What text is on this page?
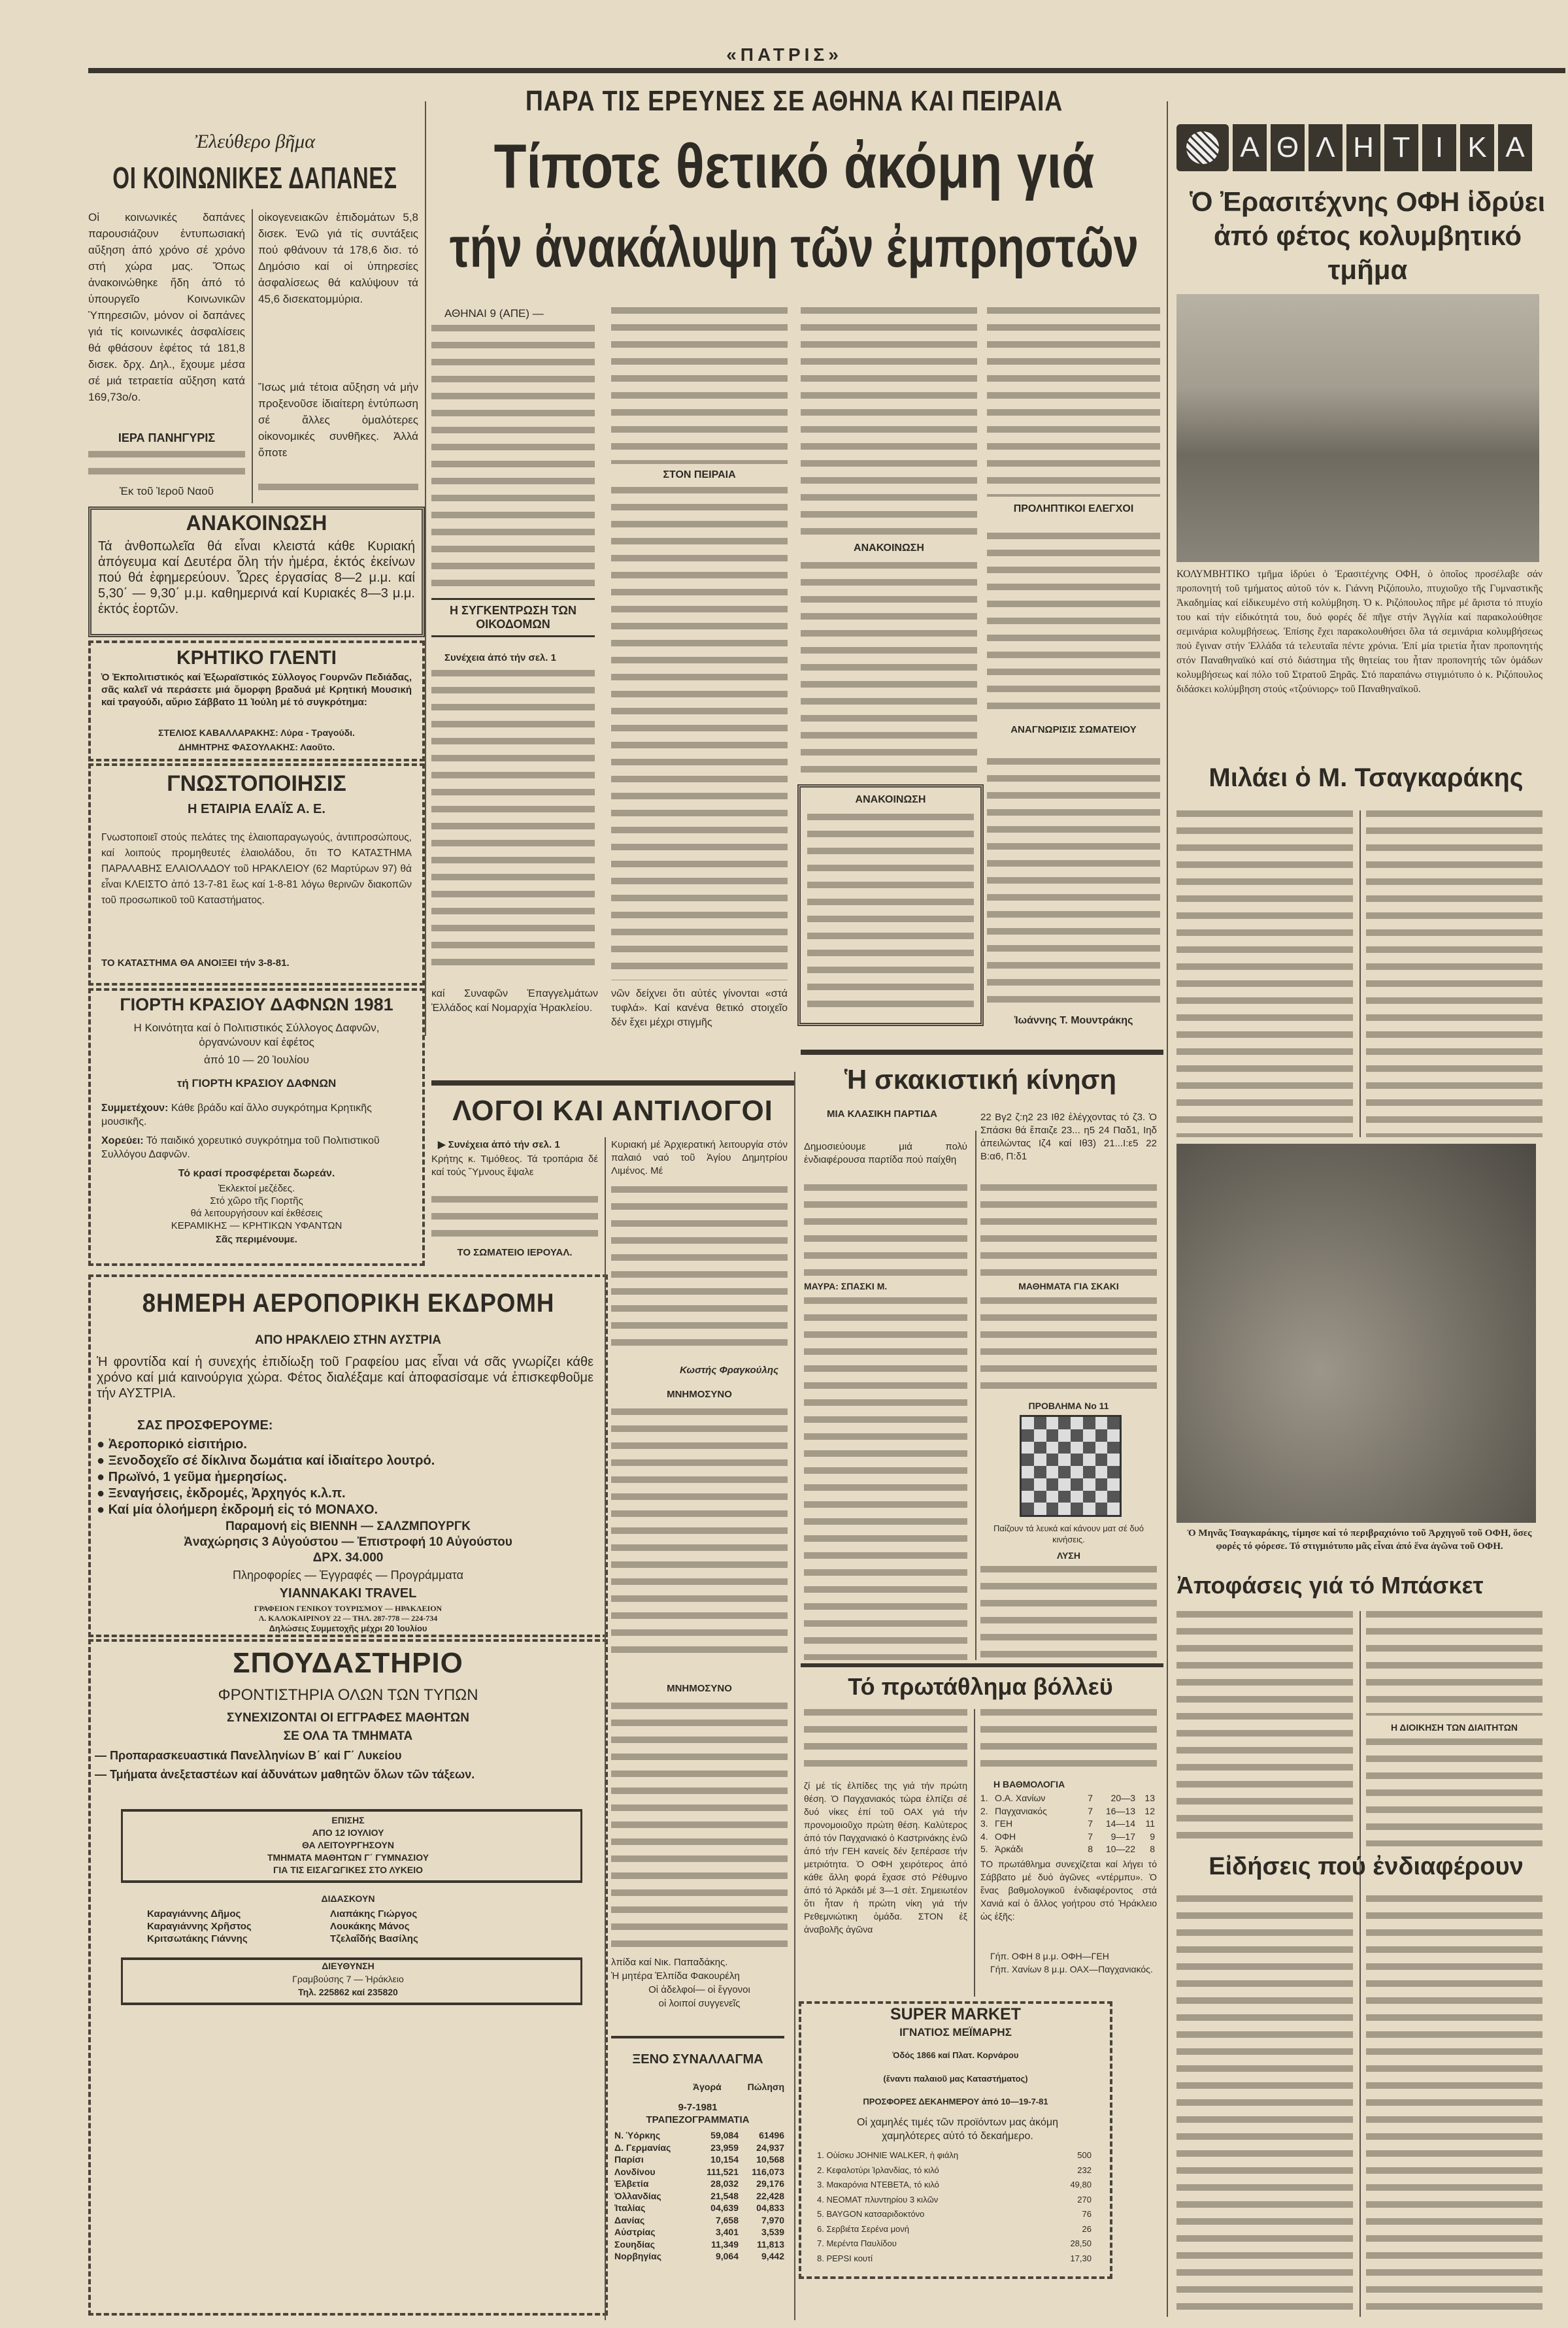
«ΠΑΤΡΙΣ»
Ἐλεύθερο βῆμα
ΟΙ ΚΟΙΝΩΝΙΚΕΣ ΔΑΠΑΝΕΣ
Οἱ κοινωνικές δαπάνες παρουσιάζουν ἐντυπωσιακή αὔξηση ἀπό χρόνο σέ χρόνο στή χώρα μας. Ὅπως ἀνακοινώθηκε ἤδη ἀπό τό ὑπουργεῖο Κοινωνικῶν Ὑπηρεσιῶν, μόνον οἱ δαπάνες γιά τίς κοινωνικές ἀσφαλίσεις θά φθάσουν ἐφέτος τά 181,8 δισεκ. δρχ. Δηλ., ἔχουμε μέσα σέ μιά τετραετία αὔξηση κατά 169,73ο/ο.
οἰκογενειακῶν ἐπιδομάτων 5,8 δισεκ. Ἐνῶ γιά τίς συντάξεις πού φθάνουν τά 178,6 δισ. τό Δημόσιο καί οἱ ὑπηρεσίες ἀσφαλίσεως θά καλύψουν τά 45,6 δισεκατομμύρια.
Ἴσως μιά τέτοια αὔξηση νά μήν προξενοῦσε ἰδιαίτερη ἐντύπωση σέ ἄλλες ὁμαλότερες οἰκονομικές συνθῆκες. Ἀλλά ὅποτε
ΙΕΡΑ ΠΑΝΗΓΥΡΙΣ
Ἐκ τοῦ Ἱεροῦ Ναοῦ
ΑΝΑΚΟΙΝΩΣΗ
Τά ἀνθοπωλεῖα θά εἶναι κλειστά κάθε Κυριακή ἀπόγευμα καί Δευτέρα ὅλη τήν ἡμέρα, ἐκτός ἐκείνων πού θά ἐφημερεύουν. Ὧρες ἐργασίας 8—2 μ.μ. καί 5,30΄ — 9,30΄ μ.μ. καθημερινά καί Κυριακές 8—3 μ.μ. ἐκτός ἑορτῶν.
ΚΡΗΤΙΚΟ ΓΛΕΝΤΙ
Ὁ Ἐκπολιτιστικός καί Ἐξωραϊστικός Σύλλογος Γουρνῶν Πεδιάδας, σᾶς καλεῖ νά περάσετε μιά ὄμορφη βραδυά μέ Κρητική Μουσική καί τραγούδι, αὔριο Σάββατο 11 Ἰούλη μέ τό συγκρότημα:
ΣΤΕΛΙΟΣ ΚΑΒΑΛΛΑΡΑΚΗΣ: Λύρα - Τραγούδι.
ΔΗΜΗΤΡΗΣ ΦΑΣΟΥΛΑΚΗΣ: Λαοῦτο.
ΓΝΩΣΤΟΠΟΙΗΣΙΣ
Η ΕΤΑΙΡΙΑ ΕΛΑΪΣ Α. Ε.
Γνωστοποιεῖ στούς πελάτες της ἐλαιοπαραγωγούς, ἀντιπροσώπους, καί λοιπούς προμηθευτές ἐλαιολάδου, ὅτι ΤΟ ΚΑΤΑΣΤΗΜΑ ΠΑΡΑΛΑΒΗΣ ΕΛΑΙΟΛΑΔΟΥ τοῦ ΗΡΑΚΛΕΙΟΥ (62 Μαρτύρων 97) θά εἶναι ΚΛΕΙΣΤΟ ἀπό 13-7-81 ἕως καί 1-8-81 λόγω θερινῶν διακοπῶν τοῦ προσωπικοῦ τοῦ Καταστήματος.
ΤΟ ΚΑΤΑΣΤΗΜΑ ΘΑ ΑΝΟΙΞΕΙ τήν 3-8-81.
ΓΙΟΡΤΗ ΚΡΑΣΙΟΥ ΔΑΦΝΩΝ 1981
Η Κοινότητα καί ὁ Πολιτιστικός Σύλλογος Δαφνῶν, ὀργανώνουν καί ἐφέτος
ἀπό 10 — 20 Ἰουλίου
τή ΓΙΟΡΤΗ ΚΡΑΣΙΟΥ ΔΑΦΝΩΝ
Συμμετέχουν: Κάθε βράδυ καί ἄλλο συγκρότημα Κρητικῆς μουσικῆς.
Χορεύει: Τό παιδικό χορευτικό συγκρότημα τοῦ Πολιτιστικοῦ Συλλόγου Δαφνῶν.
Τό κρασί προσφέρεται δωρεάν.
Ἐκλεκτοί μεζέδες.
Στό χῶρο τῆς Γιορτῆς
θά λειτουργήσουν καί ἐκθέσεις
ΚΕΡΑΜΙΚΗΣ — ΚΡΗΤΙΚΩΝ ΥΦΑΝΤΩΝ
Σᾶς περιμένουμε.
8ΗΜΕΡΗ ΑΕΡΟΠΟΡΙΚΗ ΕΚΔΡΟΜΗ
ΑΠΟ ΗΡΑΚΛΕΙΟ ΣΤΗΝ ΑΥΣΤΡΙΑ
Ἡ φροντίδα καί ἡ συνεχής ἐπιδίωξη τοῦ Γραφείου μας εἶναι νά σᾶς γνωρίζει κάθε χρόνο καί μιά καινούργια χώρα. Φέτος διαλέξαμε καί ἀποφασίσαμε νά ἐπισκεφθοῦμε τήν ΑΥΣΤΡΙΑ.
ΣΑΣ ΠΡΟΣΦΕΡΟΥΜΕ:
● Ἀεροπορικό εἰσιτήριο.
● Ξενοδοχεῖο σέ δίκλινα δωμάτια καί ἰδιαίτερο λουτρό.
● Πρωϊνό, 1 γεῦμα ἡμερησίως.
● Ξεναγήσεις, ἐκδρομές, Ἀρχηγός κ.λ.π.
● Καί μία ὁλοήμερη ἐκδρομή εἰς τό ΜΟΝΑΧΟ.
Παραμονή εἰς ΒΙΕΝΝΗ — ΣΑΛΖΜΠΟΥΡΓΚ
Ἀναχώρησις 3 Αὐγούστου — Ἐπιστροφή 10 Αὐγούστου
ΔΡΧ. 34.000
Πληροφορίες — Ἐγγραφές — Προγράμματα
YIANNAKAKI TRAVEL
ΓΡΑΦΕΙΟΝ ΓΕΝΙΚΟΥ ΤΟΥΡΙΣΜΟΥ — ΗΡΑΚΛΕΙΟΝ
Λ. ΚΑΛΟΚΑΙΡΙΝΟΥ 22 — ΤΗΛ. 287-778 — 224-734
Δηλώσεις Συμμετοχῆς μέχρι 20 Ἰουλίου
ΣΠΟΥΔΑΣΤΗΡΙΟ
ΦΡΟΝΤΙΣΤΗΡΙΑ ΟΛΩΝ ΤΩΝ ΤΥΠΩΝ
ΣΥΝΕΧΙΖΟΝΤΑΙ ΟΙ ΕΓΓΡΑΦΕΣ ΜΑΘΗΤΩΝ
ΣΕ ΟΛΑ ΤΑ ΤΜΗΜΑΤΑ
— Προπαρασκευαστικά Πανελληνίων Β΄ καί Γ΄ Λυκείου
— Τμήματα ἀνεξεταστέων καί ἀδυνάτων μαθητῶν ὅλων τῶν τάξεων.
ΕΠΙΣΗΣ
ΑΠΟ 12 ΙΟΥΛΙΟΥ
ΘΑ ΛΕΙΤΟΥΡΓΗΣΟΥΝ
ΤΜΗΜΑΤΑ ΜΑΘΗΤΩΝ Γ΄ ΓΥΜΝΑΣΙΟΥ
ΓΙΑ ΤΙΣ ΕΙΣΑΓΩΓΙΚΕΣ ΣΤΟ ΛΥΚΕΙΟ
ΔΙΔΑΣΚΟΥΝ
Καραγιάννης Δῆμος	Λιαπάκης Γιώργος
Καραγιάννης Χρῆστος	Λουκάκης Μάνος
Κριτσωτάκης Γιάννης	Τζελαΐδής Βασίλης
ΔΙΕΥΘΥΝΣΗ
Γραμβούσης 7 — Ἡράκλειο
Τηλ. 225862 καί 235820
ΠΑΡΑ ΤΙΣ ΕΡΕΥΝΕΣ ΣΕ ΑΘΗΝΑ ΚΑΙ ΠΕΙΡΑΙΑ
Τίποτε θετικό ἀκόμη γιά
τήν ἀνακάλυψη τῶν ἐμπρηστῶν
ΑΘΗΝΑΙ 9 (ΑΠΕ) —
ΣΤΟΝ ΠΕΙΡΑΙΑ
ΑΝΑΚΟΙΝΩΣΗ
ΠΡΟΛΗΠΤΙΚΟΙ ΕΛΕΓΧΟΙ
ΑΝΑΓΝΩΡΙΣΙΣ ΣΩΜΑΤΕΙΟΥ
Ἰωάννης Τ. Μουντράκης
νῶν δείχνει ὅτι αὐτές γίνονται «στά τυφλά». Καί κανένα θετικό στοιχεῖο δέν ἔχει μέχρι στιγμῆς
Η ΣΥΓΚΕΝΤΡΩΣΗ ΤΩΝ ΟΙΚΟΔΟΜΩΝ
Συνέχεια ἀπό τήν σελ. 1
καί Συναφῶν Ἐπαγγελμάτων Ἑλλάδος καί Νομαρχία Ἡρακλείου.
ΑΝΑΚΟΙΝΩΣΗ
ΛΟΓΟΙ ΚΑΙ ΑΝΤΙΛΟΓΟΙ
▶ Συνέχεια ἀπό τήν σελ. 1
Κρήτης κ. Τιμόθεος. Τά τροπάρια δέ καί τούς Ὕμνους ἔψαλε
ΤΟ ΣΩΜΑΤΕΙΟ ΙΕΡΟΥΑΛ.
Κυριακή μέ Ἀρχιερατική λειτουργία στόν παλαιό ναό τοῦ Ἁγίου Δημητρίου Λιμένος. Μέ
Κωστής Φραγκούλης
ΜΝΗΜΟΣΥΝΟ
ΜΝΗΜΟΣΥΝΟ
λπίδα καί Νικ. Παπαδάκης.
Ἡ μητέρα Ἐλπίδα Φακουρέλη
Οἱ ἀδελφοί— οἱ ἔγγονοι
οἱ λοιποί συγγενεῖς
ΞΕΝΟ ΣΥΝΑΛΛΑΓΜΑ
Ἀγορά	Πώληση
9-7-1981
ΤΡΑΠΕΖΟΓΡΑΜΜΑΤΙΑ
Ν. Ὑόρκης	59,084	61496
Δ. Γερμανίας	23,959	24,937
Παρίσι	10,154	10,568
Λονδίνου	111,521	116,073
Ἑλβετία	28,032	29,176
Ὀλλανδίας	21,548	22,428
Ἰταλίας	04,639	04,833
Δανίας	7,658	7,970
Αὐστρίας	3,401	3,539
Σουηδίας	11,349	11,813
Νορβηγίας	9,064	9,442
Ἡ σκακιστική κίνηση
ΜΙΑ ΚΛΑΣΙΚΗ ΠΑΡΤΙΔΑ
Δημοσιεύουμε μιά πολύ ἐνδιαφέρουσα παρτίδα πού παίχθη
ΜΑΥΡΑ: ΣΠΑΣΚΙ Μ.
22 Βγ2 ζ:η2 23 Ιθ2 ἐλέγχοντας τό ζ3. Ὁ Σπάσκι θά ἔπαιζε 23... η5 24 Παδ1, Ιηδ ἀπειλώντας Ιζ4 καί Ιθ3) 21...Ι:ε5 22 Β:α6, Π:δ1
ΜΑΘΗΜΑΤΑ ΓΙΑ ΣΚΑΚΙ
ΠΡΟΒΛΗΜΑ Νο 11
Παίζουν τά λευκά καί κάνουν ματ σέ δυό κινήσεις.
ΛΥΣΗ
Τό πρωτάθλημα βόλλεϋ
ζί μέ τίς ἐλπίδες της γιά τήν πρώτη θέση. Ὁ Παγχανιακός τώρα ἐλπίζει σέ δυό νίκες ἐπί τοῦ ΟΑΧ γιά τήν προνομοιοῦχο πρώτη θέση. Καλύτερος ἀπό τόν Παγχανιακό ὁ Καστρινάκης ἐνῶ ἀπό τήν ΓΕΗ κανείς δέν ξεπέρασε τήν μετριότητα. Ὁ ΟΦΗ χειρότερος ἀπό κάθε ἄλλη φορά ἔχασε στό Ρέθυμνο ἀπό τό Ἀρκάδι μέ 3—1 σέτ. Σημειωτέον ὅτι ἦταν ἡ πρώτη νίκη γιά τήν Ρεθεμνιώτικη ὁμάδα. ΣΤΟΝ ἐξ ἀναβολῆς ἀγῶνα
Η ΒΑΘΜΟΛΟΓΙΑ
1. Ο.Α. Χανίων	7	20—3	13
2. Παγχανιακός	7	16—13	12
3. ΓΕΗ	7	14—14	11
4. ΟΦΗ	7	9—17	9
5. Ἀρκάδι	8	10—22	8
ΤΟ πρωτάθλημα συνεχίζεται καί λήγει τό Σάββατο μέ δυό ἀγῶνες «ντέρμπυ». Ὁ ἕνας βαθμολογικοῦ ἐνδιαφέροντος στά Χανιά καί ὁ ἄλλος γοήτρου στό Ἡράκλειο ὡς ἑξῆς:
Γήπ. ΟΦΗ 8 μ.μ. ΟΦΗ—ΓΕΗ
Γήπ. Χανίων 8 μ.μ. ΟΑΧ—Παγχανιακός.
SUPER MARKET
ΙΓΝΑΤΙΟΣ ΜΕΪΜΑΡΗΣ
Ὁδός 1866 καί Πλατ. Κορνάρου
(ἔναντι παλαιοῦ μας Καταστήματος)
ΠΡΟΣΦΟΡΕΣ ΔΕΚΑΗΜΕΡΟΥ ἀπό 10—19-7-81
Οἱ χαμηλές τιμές τῶν προϊόντων μας ἀκόμη χαμηλότερες αὐτό τό δεκαήμερο.
1. Οὐίσκυ JOHNIE WALKER, ἡ φιάλη	500
2. Κεφαλοτύρι Ἰρλανδίας, τό κιλό	232
3. Μακαρόνια ΝΤΕΒΕΤΑ, τό κιλό	49,80
4. ΝΕΟΜΑΤ πλυντηρίου 3 κιλῶν	270
5. BAYGON κατσαριδοκτόνο	76
6. Σερβιέτα Σερένα μονή	26
7. Μερέντα Παυλίδου	28,50
8. PEPSI κουτί	17,30
Α Θ Λ Η Τ Ι Κ Α
Ὁ Ἐρασιτέχνης ΟΦΗ ἱδρύει ἀπό φέτος κολυμβητικό τμῆμα
ΚΟΛΥΜΒΗΤΙΚΟ τμῆμα ἱδρύει ὁ Ἐρασιτέχνης ΟΦΗ, ὁ ὁποῖος προσέλαβε σάν προπονητή τοῦ τμήματος αὐτοῦ τόν κ. Γιάννη Ριζόπουλο, πτυχιοῦχο τῆς Γυμναστικῆς Ἀκαδημίας καί εἰδικευμένο στή κολύμβηση. Ὁ κ. Ριζόπουλος πῆρε μέ ἄριστα τό πτυχίο του καί τήν εἰδικότητά του, δυό φορές δέ πῆγε στήν Ἀγγλία καί παρακολούθησε σεμινάρια κολυμβήσεως. Ἐπίσης ἔχει παρακολουθήσει ὅλα τά σεμινάρια κολυμβήσεως πού ἔγιναν στήν Ἑλλάδα τά τελευταῖα πέντε χρόνια. Ἐπί μία τριετία ἦταν προπονητής στόν Παναθηναϊκό καί στό διάστημα τῆς θητείας του ἦταν προπονητής τῶν ὁμάδων κολυμβήσεως καί πόλο τοῦ Στρατοῦ Ξηρᾶς. Στό παραπάνω στιγμιότυπο ὁ κ. Ριζόπουλος διδάσκει κολύμβηση στούς «τζούνιορς» τοῦ Παναθηναϊκοῦ.
Μιλάει ὁ Μ. Τσαγκαράκης
Ὁ Μηνᾶς Τσαγκαράκης, τίμησε καί τό περιβραχιόνιο τοῦ Ἀρχηγοῦ τοῦ ΟΦΗ, ὅσες φορές τό φόρεσε. Τό στιγμιότυπο μᾶς εἶναι ἀπό ἕνα ἀγῶνα τοῦ ΟΦΗ.
Ἀποφάσεις γιά τό Μπάσκετ
Η ΔΙΟΙΚΗΣΗ ΤΩΝ ΔΙΑΙΤΗΤΩΝ
Εἰδήσεις πού ἐνδιαφέρουν
